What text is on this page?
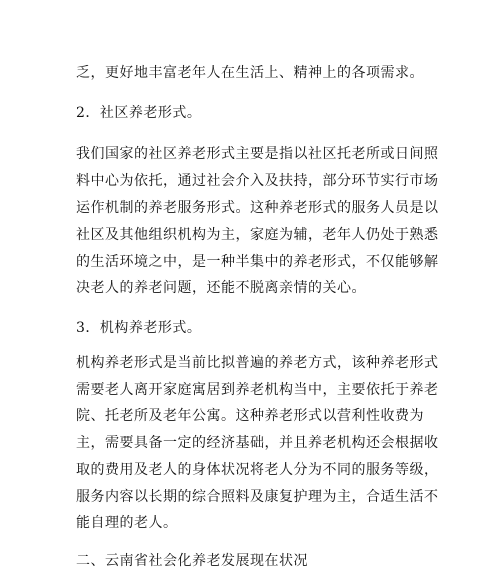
乏，更好地丰富老年人在生活上、精神上的各项需求。
2．社区养老形式。
我们国家的社区养老形式主要是指以社区托老所或日间照
料中心为依托，通过社会介入及扶持，部分环节实行市场
运作机制的养老服务形式。这种养老形式的服务人员是以
社区及其他组织机构为主，家庭为辅，老年人仍处于熟悉
的生活环境之中，是一种半集中的养老形式，不仅能够解
决老人的养老问题，还能不脱离亲情的关心。
3．机构养老形式。
机构养老形式是当前比拟普遍的养老方式，该种养老形式
需要老人离开家庭寓居到养老机构当中，主要依托于养老
院、托老所及老年公寓。这种养老形式以营利性收费为
主，需要具备一定的经济基础，并且养老机构还会根据收
取的费用及老人的身体状况将老人分为不同的服务等级，
服务内容以长期的综合照料及康复护理为主，合适生活不
能自理的老人。
二、云南省社会化养老发展现在状况
